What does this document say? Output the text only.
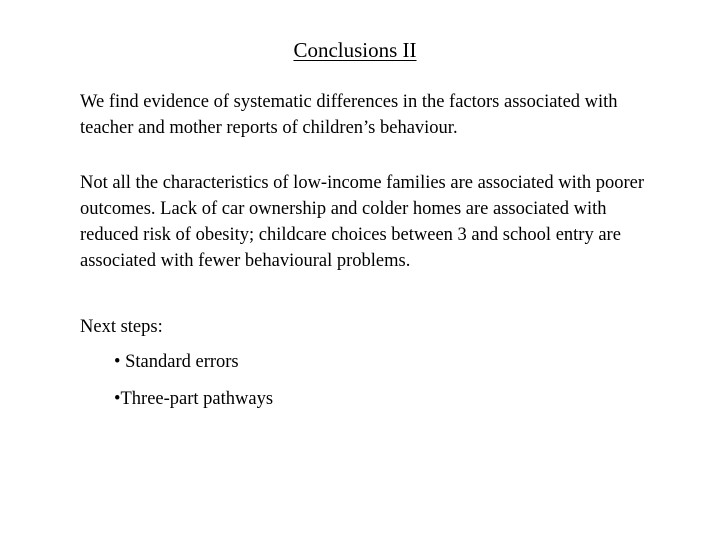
Conclusions II

We find evidence of systematic differences in the factors associated with teacher and mother reports of children’s behaviour.

Not all the characteristics of low-income families are associated with poorer outcomes. Lack of car ownership and colder homes are associated with reduced risk of obesity; childcare choices between 3 and school entry are associated with fewer behavioural problems.

Next steps:

• Standard errors

•Three-part pathways
